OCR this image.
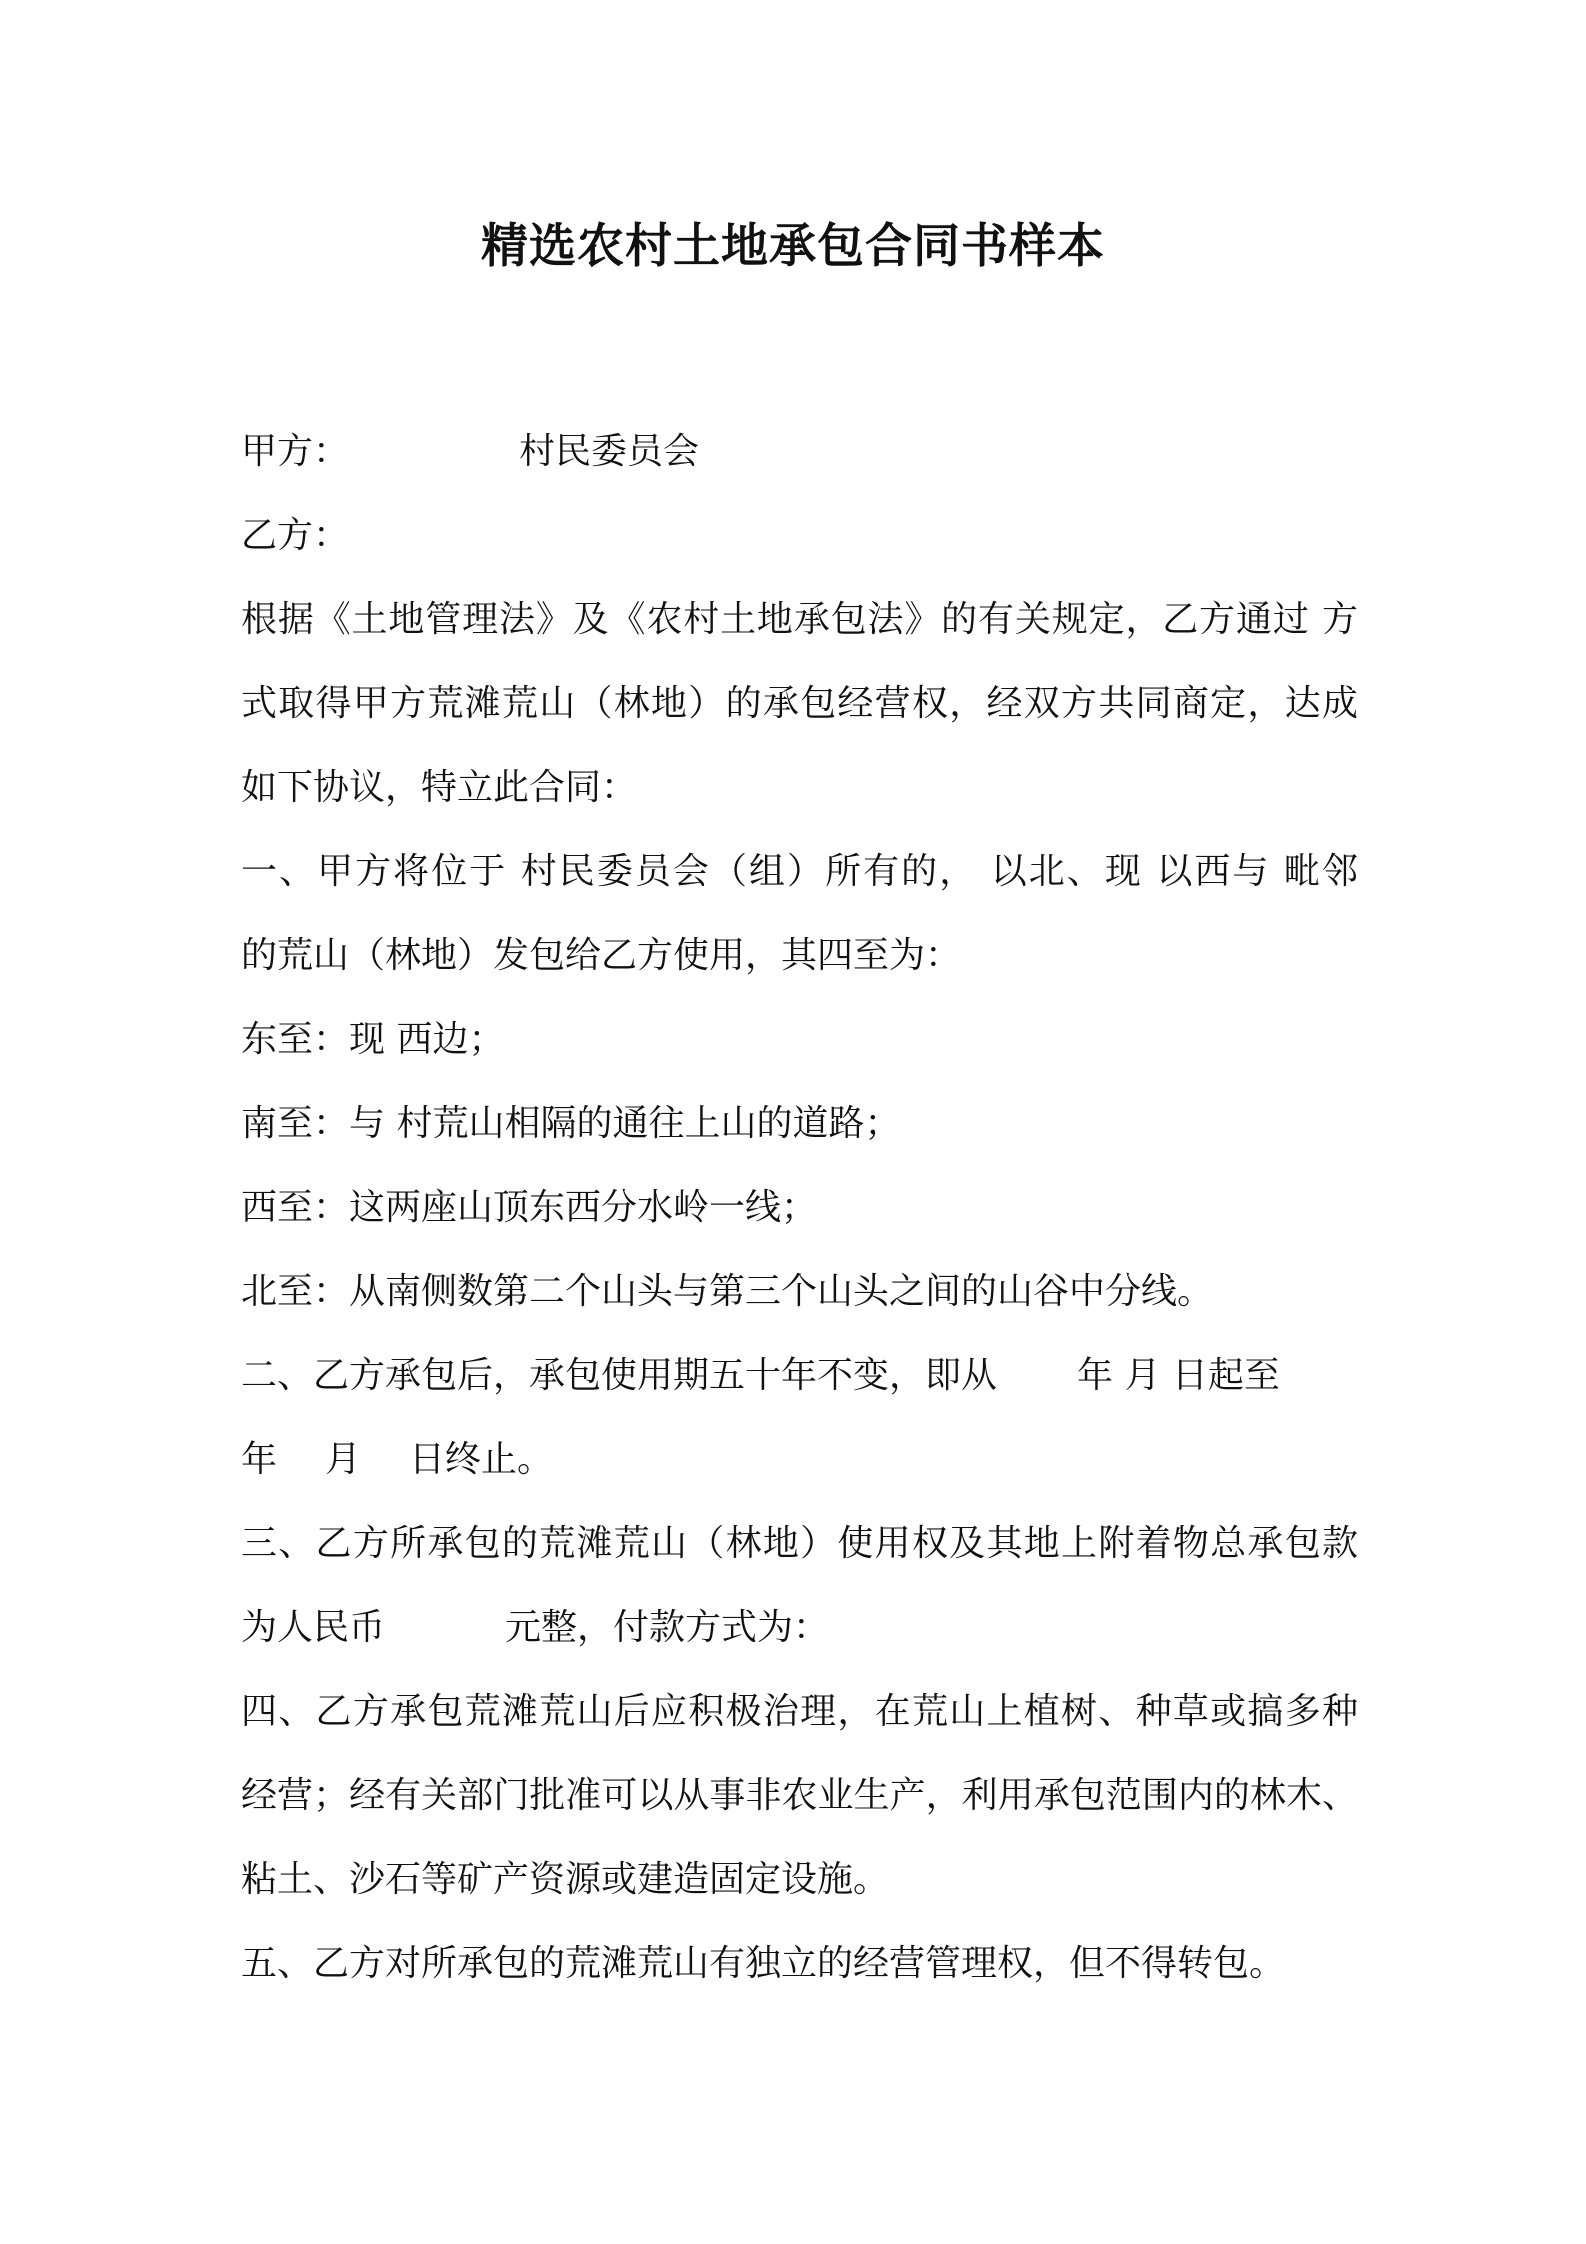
精选农村土地承包合同书样本
甲方：	村民委员会
乙方：
根据《土地管理法》及《农村土地承包法》的有关规定，乙方通过 方
式取得甲方荒滩荒山（林地）的承包经营权，经双方共同商定，达成
如下协议，特立此合同：
一、甲方将位于 村民委员会（组）所有的， 以北、现 以西与 毗邻
的荒山（林地）发包给乙方使用，其四至为：
东至：现 西边；
南至：与 村荒山相隔的通往上山的道路；
西至：这两座山顶东西分水岭一线；
北至：从南侧数第二个山头与第三个山头之间的山谷中分线。
二、乙方承包后，承包使用期五十年不变，即从 年 月 日起至
年 月 日终止。
三、乙方所承包的荒滩荒山（林地）使用权及其地上附着物总承包款
为人民币	元整，付款方式为：
四、乙方承包荒滩荒山后应积极治理，在荒山上植树、种草或搞多种
经营；经有关部门批准可以从事非农业生产，利用承包范围内的林木、
粘土、沙石等矿产资源或建造固定设施。
五、乙方对所承包的荒滩荒山有独立的经营管理权，但不得转包。
